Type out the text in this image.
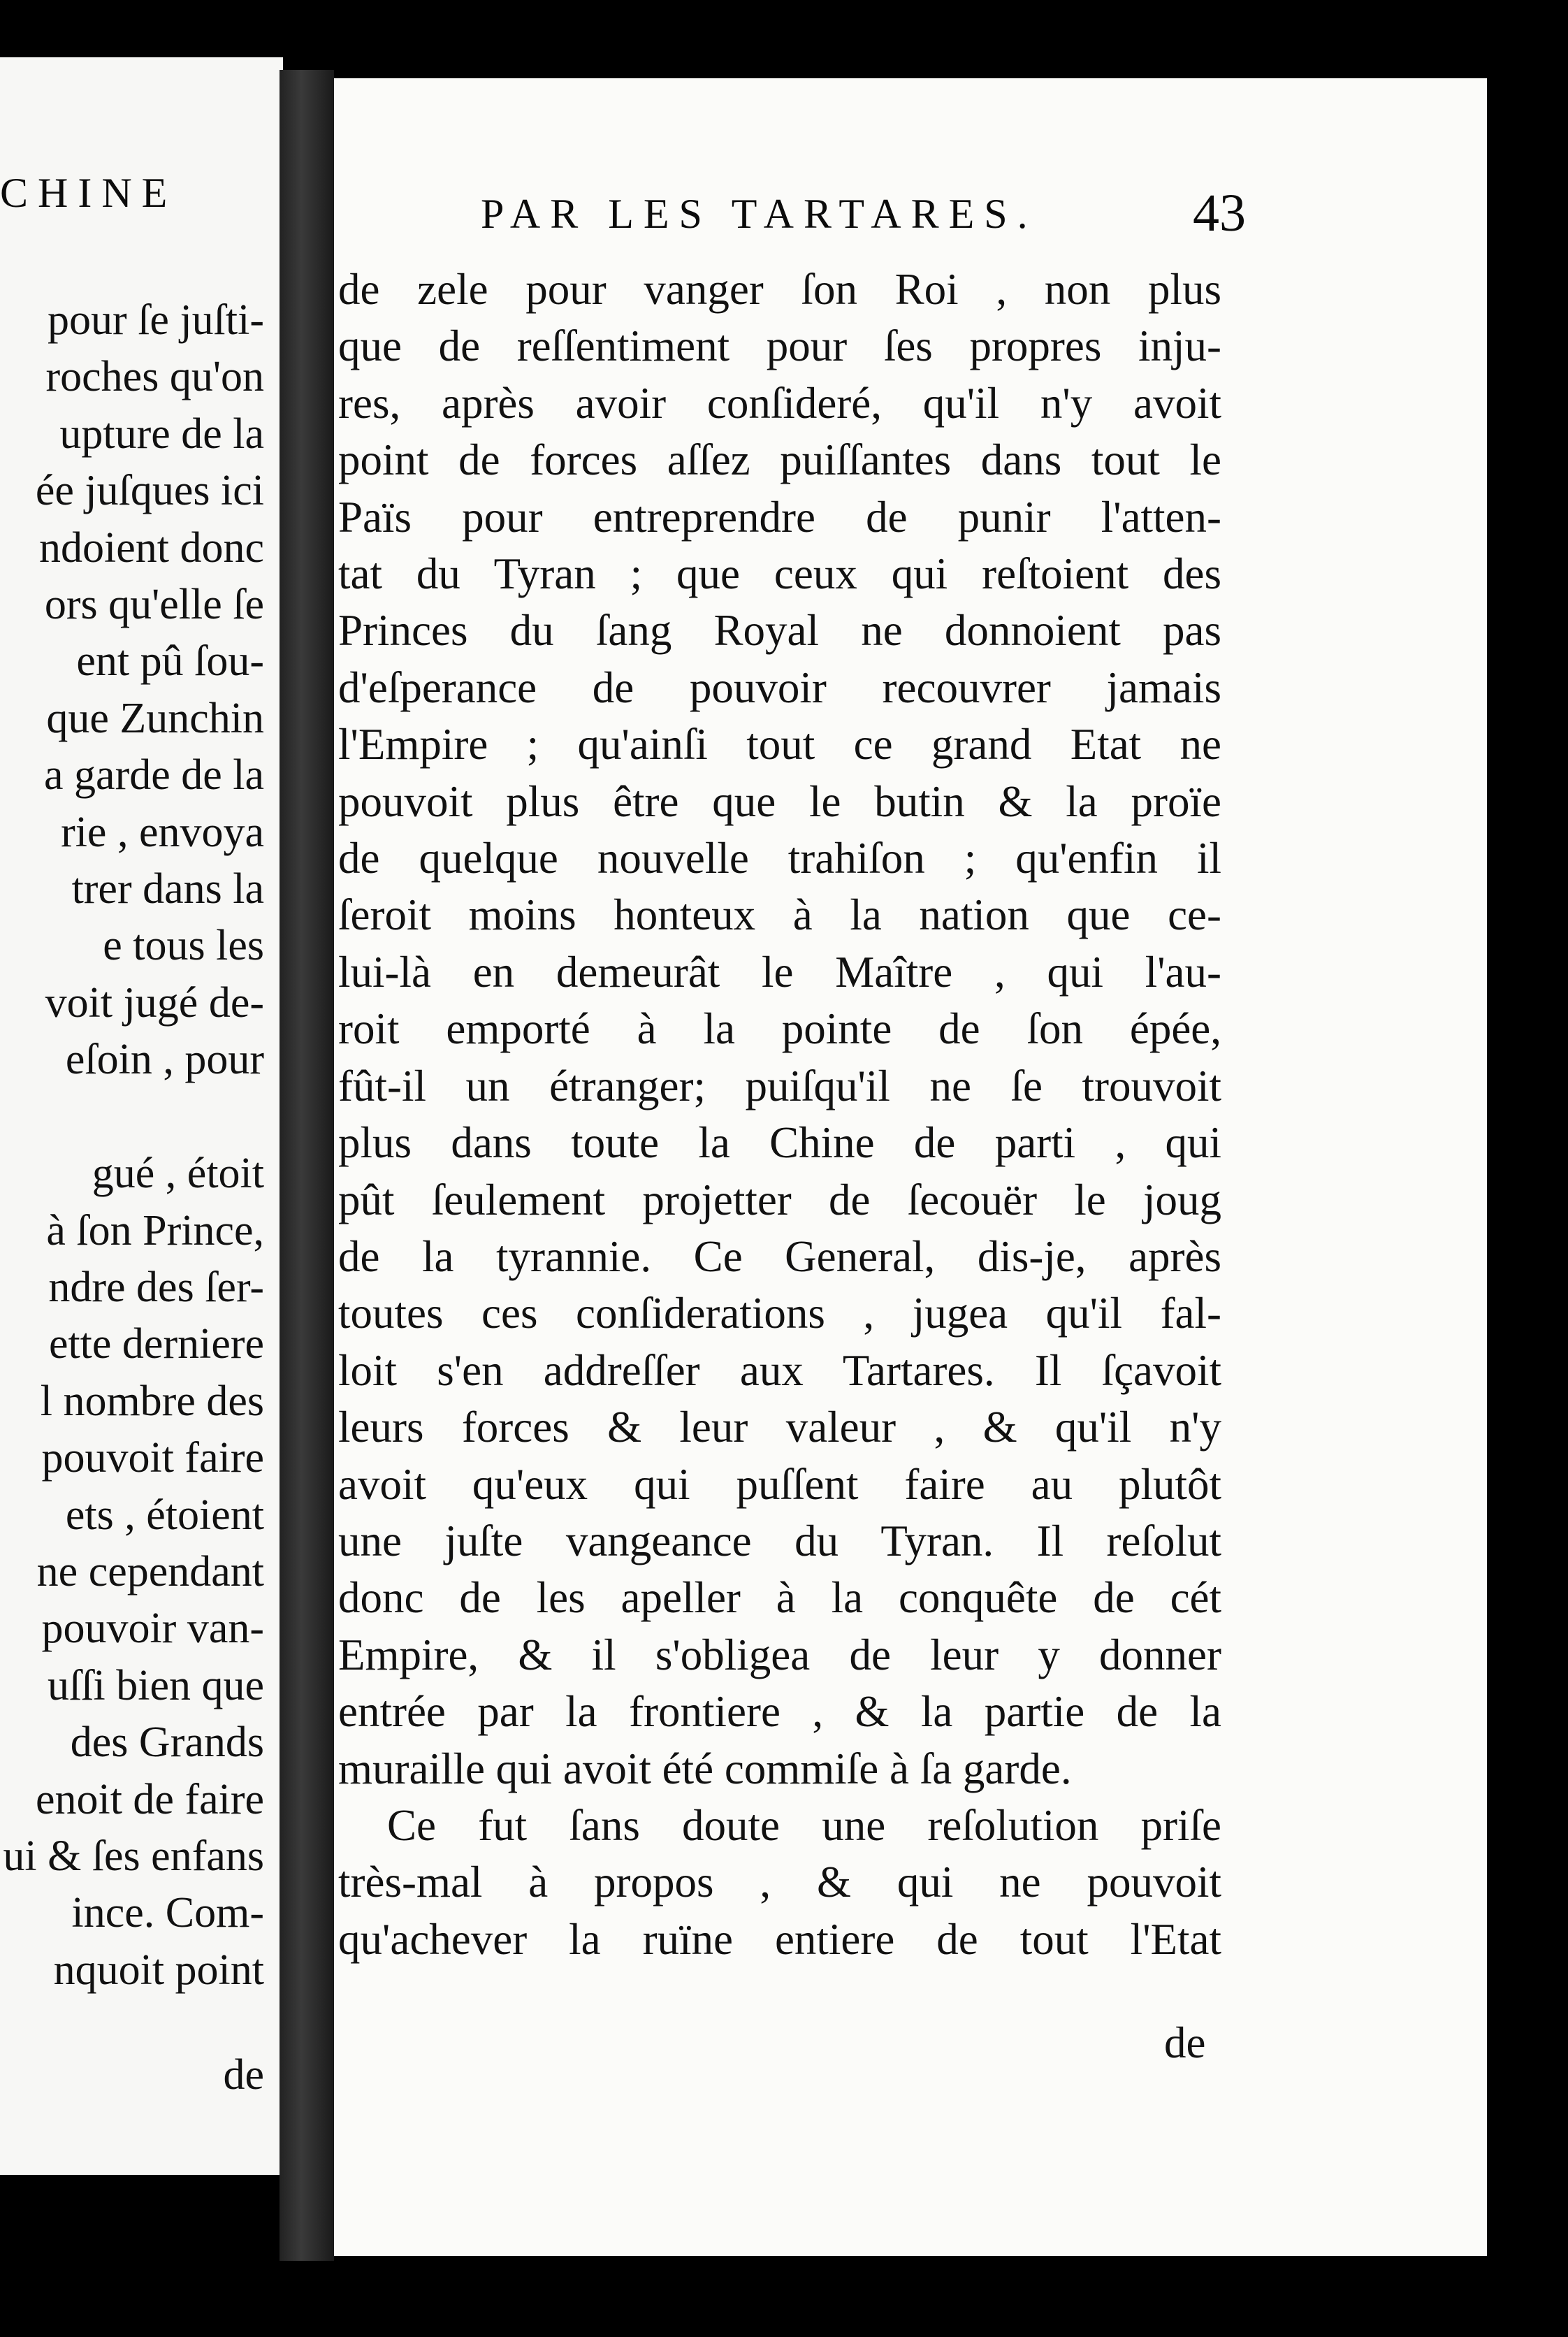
CHINE
pour ſe juſti-
roches qu'on
upture de la
ée juſques ici
ndoient donc
ors qu'elle ſe
ent pû ſou-
que Zunchin
a garde de la
rie , envoya
trer dans la
e tous les
voit jugé de-
eſoin , pour

gué , étoit
à ſon Prince,
ndre des ſer-
ette derniere
l nombre des
pouvoit faire
ets , étoient
ne cependant
pouvoir van-
uſſi bien que
des Grands
enoit de faire
ui & ſes enfans
ince. Com-
nquoit point
de
PAR LES TARTARES.	43
de zele pour vanger ſon Roi , non plus
que de reſſentiment pour ſes propres inju-
res, après avoir conſideré, qu'il n'y avoit
point de forces aſſez puiſſantes dans tout le
Païs pour entreprendre de punir l'atten-
tat du Tyran ; que ceux qui reſtoient des
Princes du ſang Royal ne donnoient pas
d'eſperance de pouvoir recouvrer jamais
l'Empire ; qu'ainſi tout ce grand Etat ne
pouvoit plus être que le butin & la proïe
de quelque nouvelle trahiſon ; qu'enfin il
ſeroit moins honteux à la nation que ce-
lui-là en demeurât le Maître , qui l'au-
roit emporté à la pointe de ſon épée,
fût-il un étranger; puiſqu'il ne ſe trouvoit
plus dans toute la Chine de parti , qui
pût ſeulement projetter de ſecouër le joug
de la tyrannie. Ce General, dis-je, après
toutes ces conſiderations , jugea qu'il fal-
loit s'en addreſſer aux Tartares. Il ſçavoit
leurs forces & leur valeur , & qu'il n'y
avoit qu'eux qui puſſent faire au plutôt
une juſte vangeance du Tyran. Il reſolut
donc de les apeller à la conquête de cét
Empire, & il s'obligea de leur y donner
entrée par la frontiere , & la partie de la
muraille qui avoit été commiſe à ſa garde.
Ce fut ſans doute une reſolution priſe
très-mal à propos , & qui ne pouvoit
qu'achever la ruïne entiere de tout l'Etat
de
